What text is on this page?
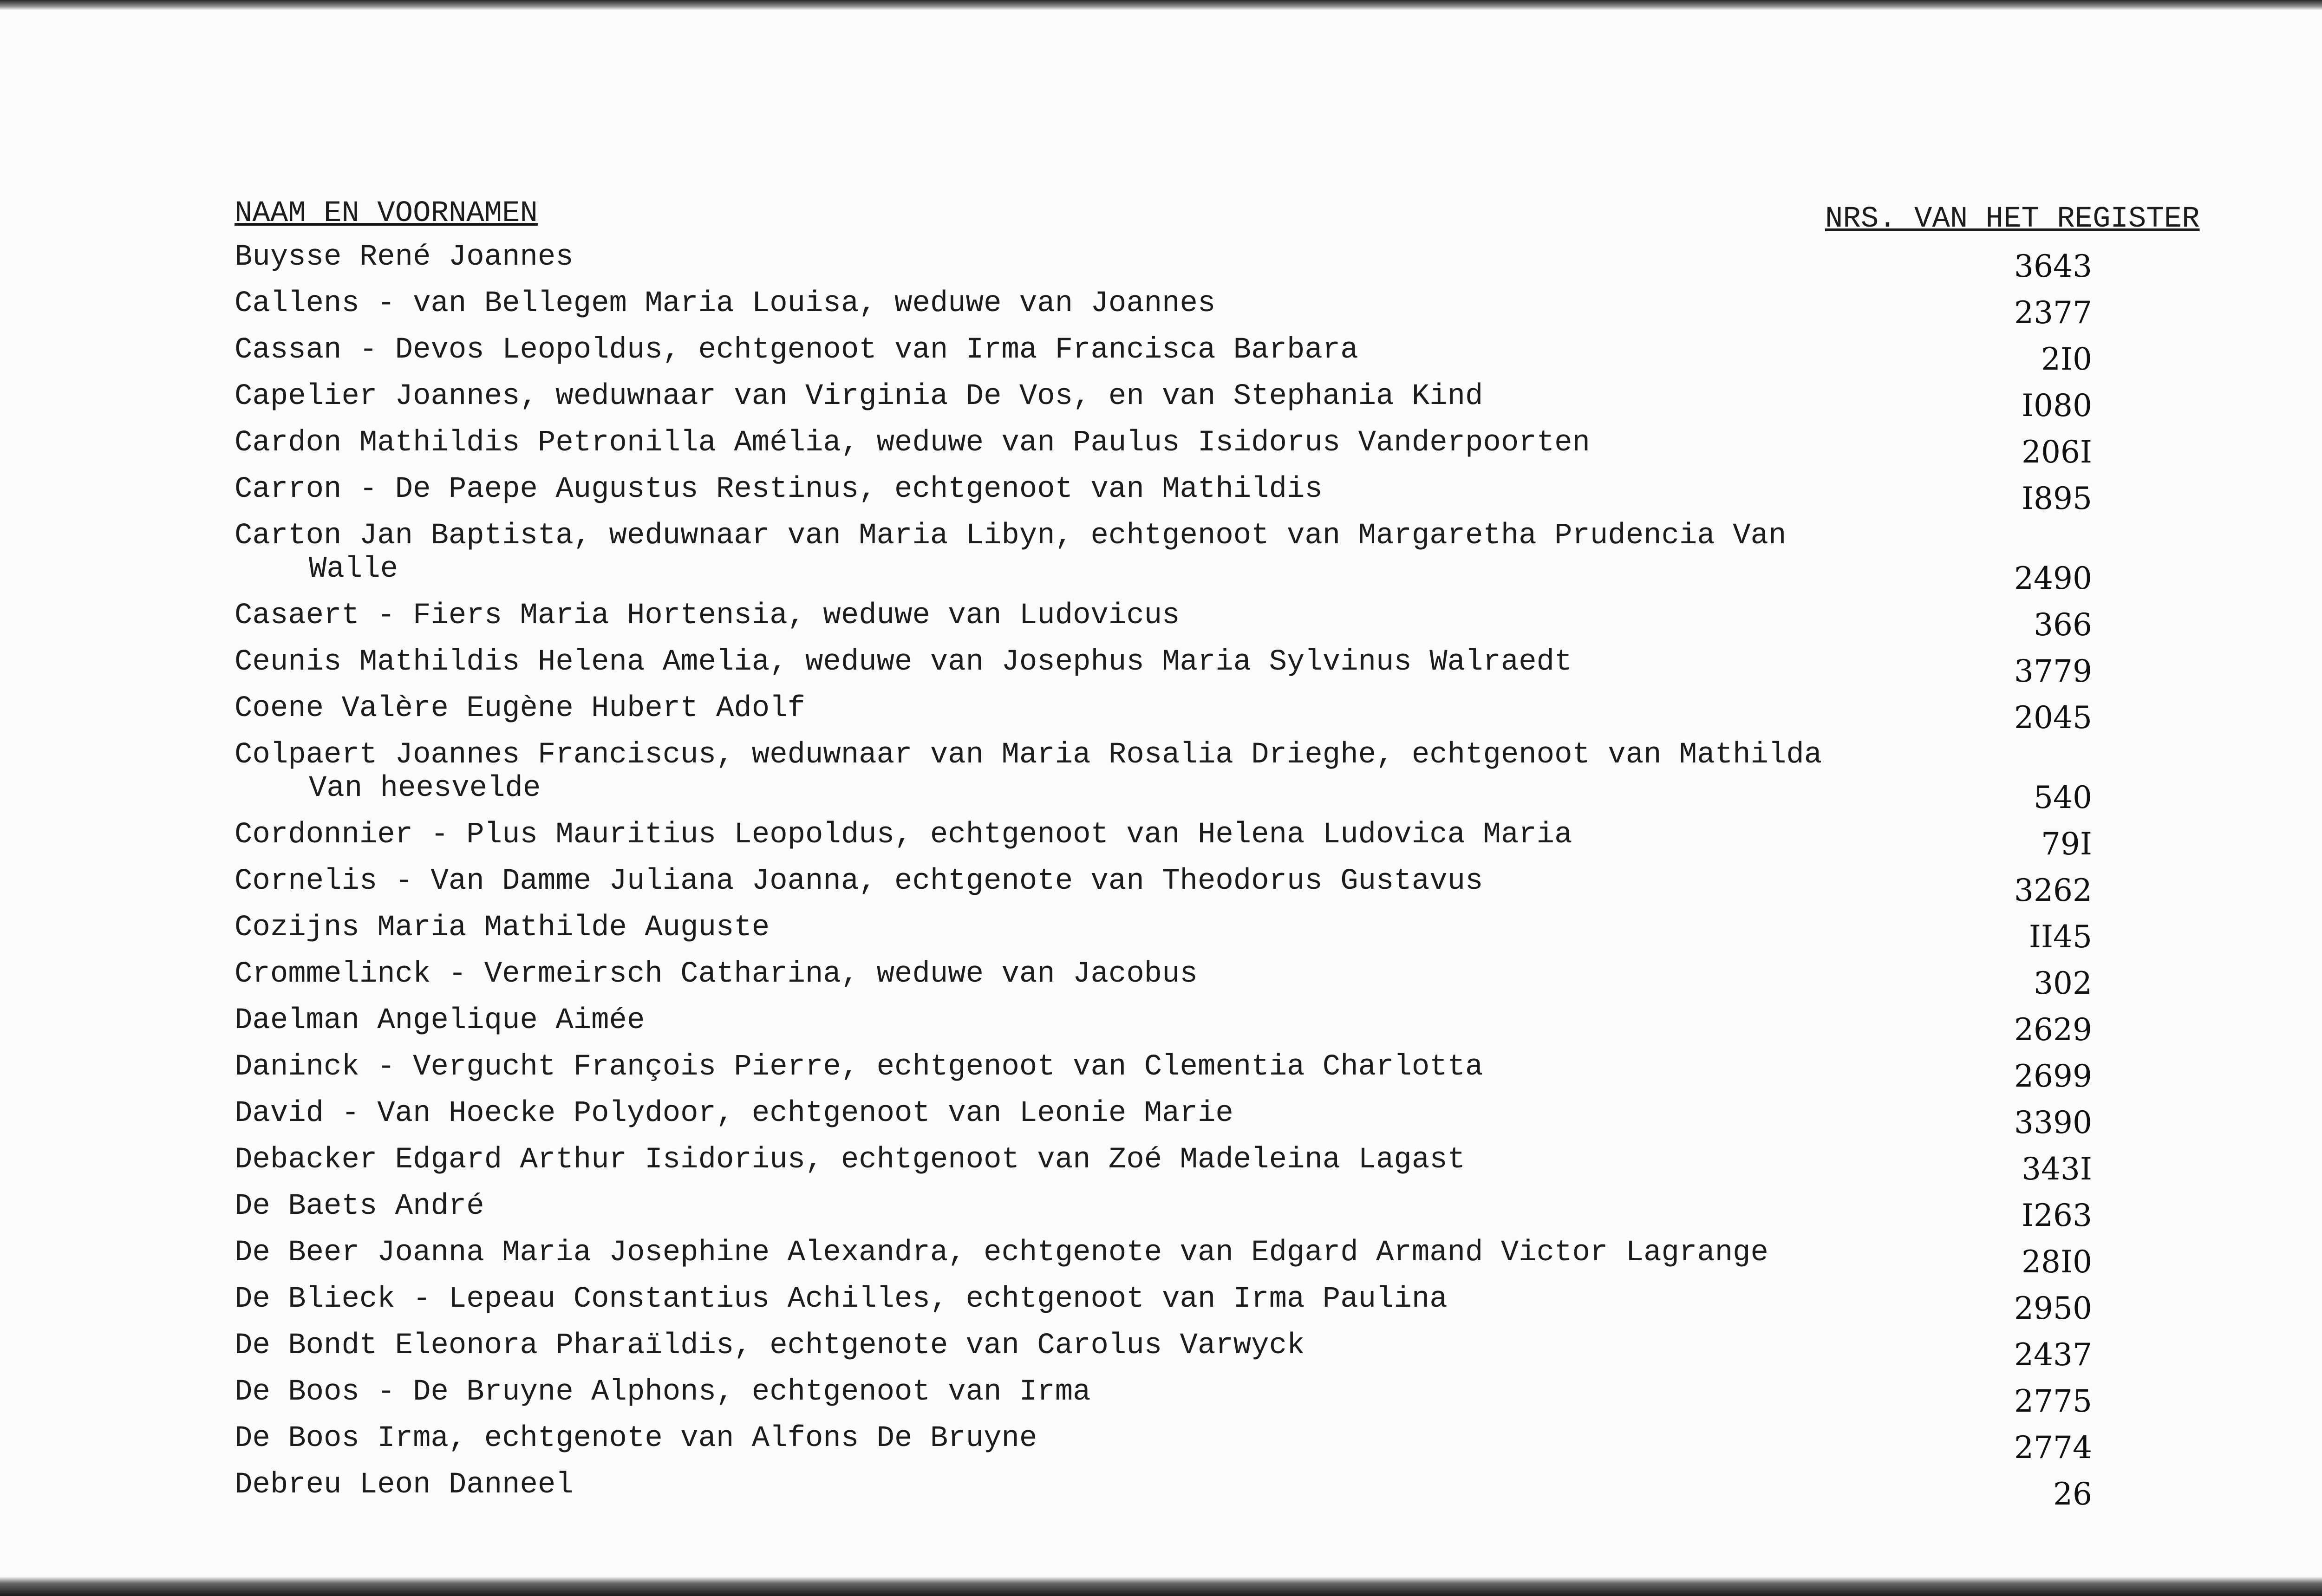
NAAM EN VOORNAMEN	NRS. VAN HET REGISTER
Buysse René Joannes	3643
Callens - van Bellegem Maria Louisa, weduwe van Joannes	2377
Cassan - Devos Leopoldus, echtgenoot van Irma Francisca Barbara	2I0
Capelier Joannes, weduwnaar van Virginia De Vos, en van Stephania Kind	I080
Cardon Mathildis Petronilla Amélia, weduwe van Paulus Isidorus Vanderpoorten	206I
Carron - De Paepe Augustus Restinus, echtgenoot van Mathildis	I895
Carton Jan Baptista, weduwnaar van Maria Libyn, echtgenoot van Margaretha Prudencia Van
Walle	2490
Casaert - Fiers Maria Hortensia, weduwe van Ludovicus	366
Ceunis Mathildis Helena Amelia, weduwe van Josephus Maria Sylvinus Walraedt	3779
Coene Valère Eugène Hubert Adolf	2045
Colpaert Joannes Franciscus, weduwnaar van Maria Rosalia Drieghe, echtgenoot van Mathilda
Van heesvelde	540
Cordonnier - Plus Mauritius Leopoldus, echtgenoot van Helena Ludovica Maria	79I
Cornelis - Van Damme Juliana Joanna, echtgenote van Theodorus Gustavus	3262
Cozijns Maria Mathilde Auguste	II45
Crommelinck - Vermeirsch Catharina, weduwe van Jacobus	302
Daelman Angelique Aimée	2629
Daninck - Vergucht François Pierre, echtgenoot van Clementia Charlotta	2699
David - Van Hoecke Polydoor, echtgenoot van Leonie Marie	3390
Debacker Edgard Arthur Isidorius, echtgenoot van Zoé Madeleina Lagast	343I
De Baets André	I263
De Beer Joanna Maria Josephine Alexandra, echtgenote van Edgard Armand Victor Lagrange	28I0
De Blieck - Lepeau Constantius Achilles, echtgenoot van Irma Paulina	2950
De Bondt Eleonora Pharaïldis, echtgenote van Carolus Varwyck	2437
De Boos - De Bruyne Alphons, echtgenoot van Irma	2775
De Boos Irma, echtgenote van Alfons De Bruyne	2774
Debreu Leon Danneel	26
